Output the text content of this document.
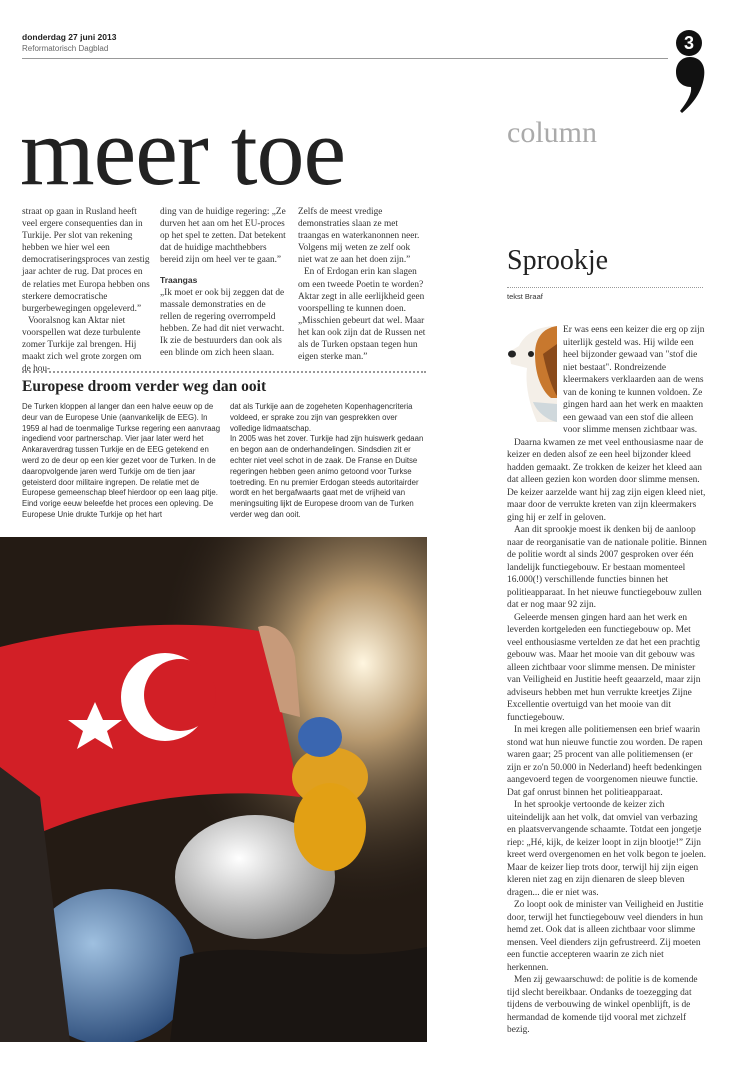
donderdag 27 juni 2013
Reformatorisch Dagblad	3
meer toe	column

straat op gaan in Rusland heeft veel ergere consequenties dan in Turkije. Per slot van rekening hebben we hier wel een democratiseringsproces van zestig jaar achter de rug. Dat proces en de relaties met Europa hebben ons sterkere democratische burgerbewegingen opgeleverd.”

Vooralsnog kan Aktar niet voorspellen wat deze turbulente zomer Turkije zal brengen. Hij maakt zich wel grote zorgen om de hou-

ding van de huidige regering: „Ze durven het aan om het EU-proces op het spel te zetten. Dat betekent dat de huidige machthebbers bereid zijn om heel ver te gaan.”

Traangas

„Ik moet er ook bij zeggen dat de massale demonstraties en de rellen de regering overrompeld hebben. Ze had dit niet verwacht. Ik zie de bestuurders dan ook als een blinde om zich heen slaan.

Zelfs de meest vredige demonstraties slaan ze met traangas en waterkanonnen neer. Volgens mij weten ze zelf ook niet wat ze aan het doen zijn.”

En of Erdogan erin kan slagen om een tweede Poetin te worden? Aktar zegt in alle eerlijkheid geen voorspelling te kunnen doen. „Misschien gebeurt dat wel. Maar het kan ook zijn dat de Russen net als de Turken opstaan tegen hun eigen sterke man.”

Europese droom verder weg dan ooit

De Turken kloppen al langer dan een halve eeuw op de deur van de Europese Unie (aanvankelijk de EEG). In 1959 al had de toenmalige Turkse regering een aanvraag ingediend voor partnerschap. Vier jaar later werd het Ankaraverdrag tussen Turkije en de EEG getekend en werd zo de deur op een kier gezet voor de Turken. In de daaropvolgende jaren werd Turkije om de tien jaar geteisterd door militaire ingrepen. De relatie met de Europese gemeenschap bleef hierdoor op een laag pitje. Eind vorige eeuw beleefde het proces een opleving. De Europese Unie drukte Turkije op het hart

dat als Turkije aan de zogeheten Kopenhagencriteria voldeed, er sprake zou zijn van gesprekken over volledige lidmaatschap.

In 2005 was het zover. Turkije had zijn huiswerk gedaan en begon aan de onderhandelingen. Sindsdien zit er echter niet veel schot in de zaak. De Franse en Duitse regeringen hebben geen animo getoond voor Turkse toetreding. En nu premier Erdogan steeds autoritairder wordt en het bergafwaarts gaat met de vrijheid van meningsuiting lijkt de Europese droom van de Turken verder weg dan ooit.

Sprookje
tekst Braaf

Er was eens een keizer die erg op zijn uiterlijk gesteld was. Hij wilde een heel bijzonder gewaad van "stof die niet bestaat". Rondreizende kleermakers verklaarden aan de wens van de koning te kunnen voldoen. Ze gingen hard aan het werk en maakten een gewaad van een stof die alleen voor slimme mensen zichtbaar was.

Daarna kwamen ze met veel enthousiasme naar de keizer en deden alsof ze een heel bijzonder kleed hadden gemaakt. Ze trokken de keizer het kleed aan dat alleen gezien kon worden door slimme mensen. De keizer aarzelde want hij zag zijn eigen kleed niet, maar door de verrukte kreten van zijn kleermakers ging hij er zelf in geloven.

Aan dit sprookje moest ik denken bij de aanloop naar de reorganisatie van de nationale politie. Binnen de politie wordt al sinds 2007 gesproken over één landelijk functiegebouw. Er bestaan momenteel 16.000(!) verschillende functies binnen het politieapparaat. In het nieuwe functiegebouw zullen dat er nog maar 92 zijn.

Geleerde mensen gingen hard aan het werk en leverden kortgeleden een functiegebouw op. Met veel enthousiasme vertelden ze dat het een prachtig gebouw was. Maar het mooie van dit gebouw was alleen zichtbaar voor slimme mensen. De minister van Veiligheid en Justitie heeft geaarzeld, maar zijn adviseurs hebben met hun verrukte kreetjes Zijne Excellentie overtuigd van het mooie van dit functiegebouw.

In mei kregen alle politiemensen een brief waarin stond wat hun nieuwe functie zou worden. De rapen waren gaar; 25 procent van alle politiemensen (er zijn er zo'n 50.000 in Nederland) heeft bedenkingen aangevoerd tegen de voorgenomen nieuwe functie. Dat gaf onrust binnen het politieapparaat.

In het sprookje vertoonde de keizer zich uiteindelijk aan het volk, dat omviel van verbazing en plaatsvervangende schaamte. Totdat een jongetje riep: „Hé, kijk, de keizer loopt in zijn blootje!” Zijn kreet werd overgenomen en het volk begon te joelen. Maar de keizer liep trots door, terwijl hij zijn eigen kleren niet zag en zijn dienaren de sleep bleven dragen... die er niet was.

Zo loopt ook de minister van Veiligheid en Justitie door, terwijl het functiegebouw veel dienders in hun hemd zet. Ook dat is alleen zichtbaar voor slimme mensen. Veel dienders zijn gefrustreerd. Zij moeten een functie accepteren waarin ze zich niet herkennen.

Men zij gewaarschuwd: de politie is de komende tijd slecht bereikbaar. Ondanks de toezegging dat tijdens de verbouwing de winkel openblijft, is de hermandad de komende tijd vooral met zichzelf bezig.
